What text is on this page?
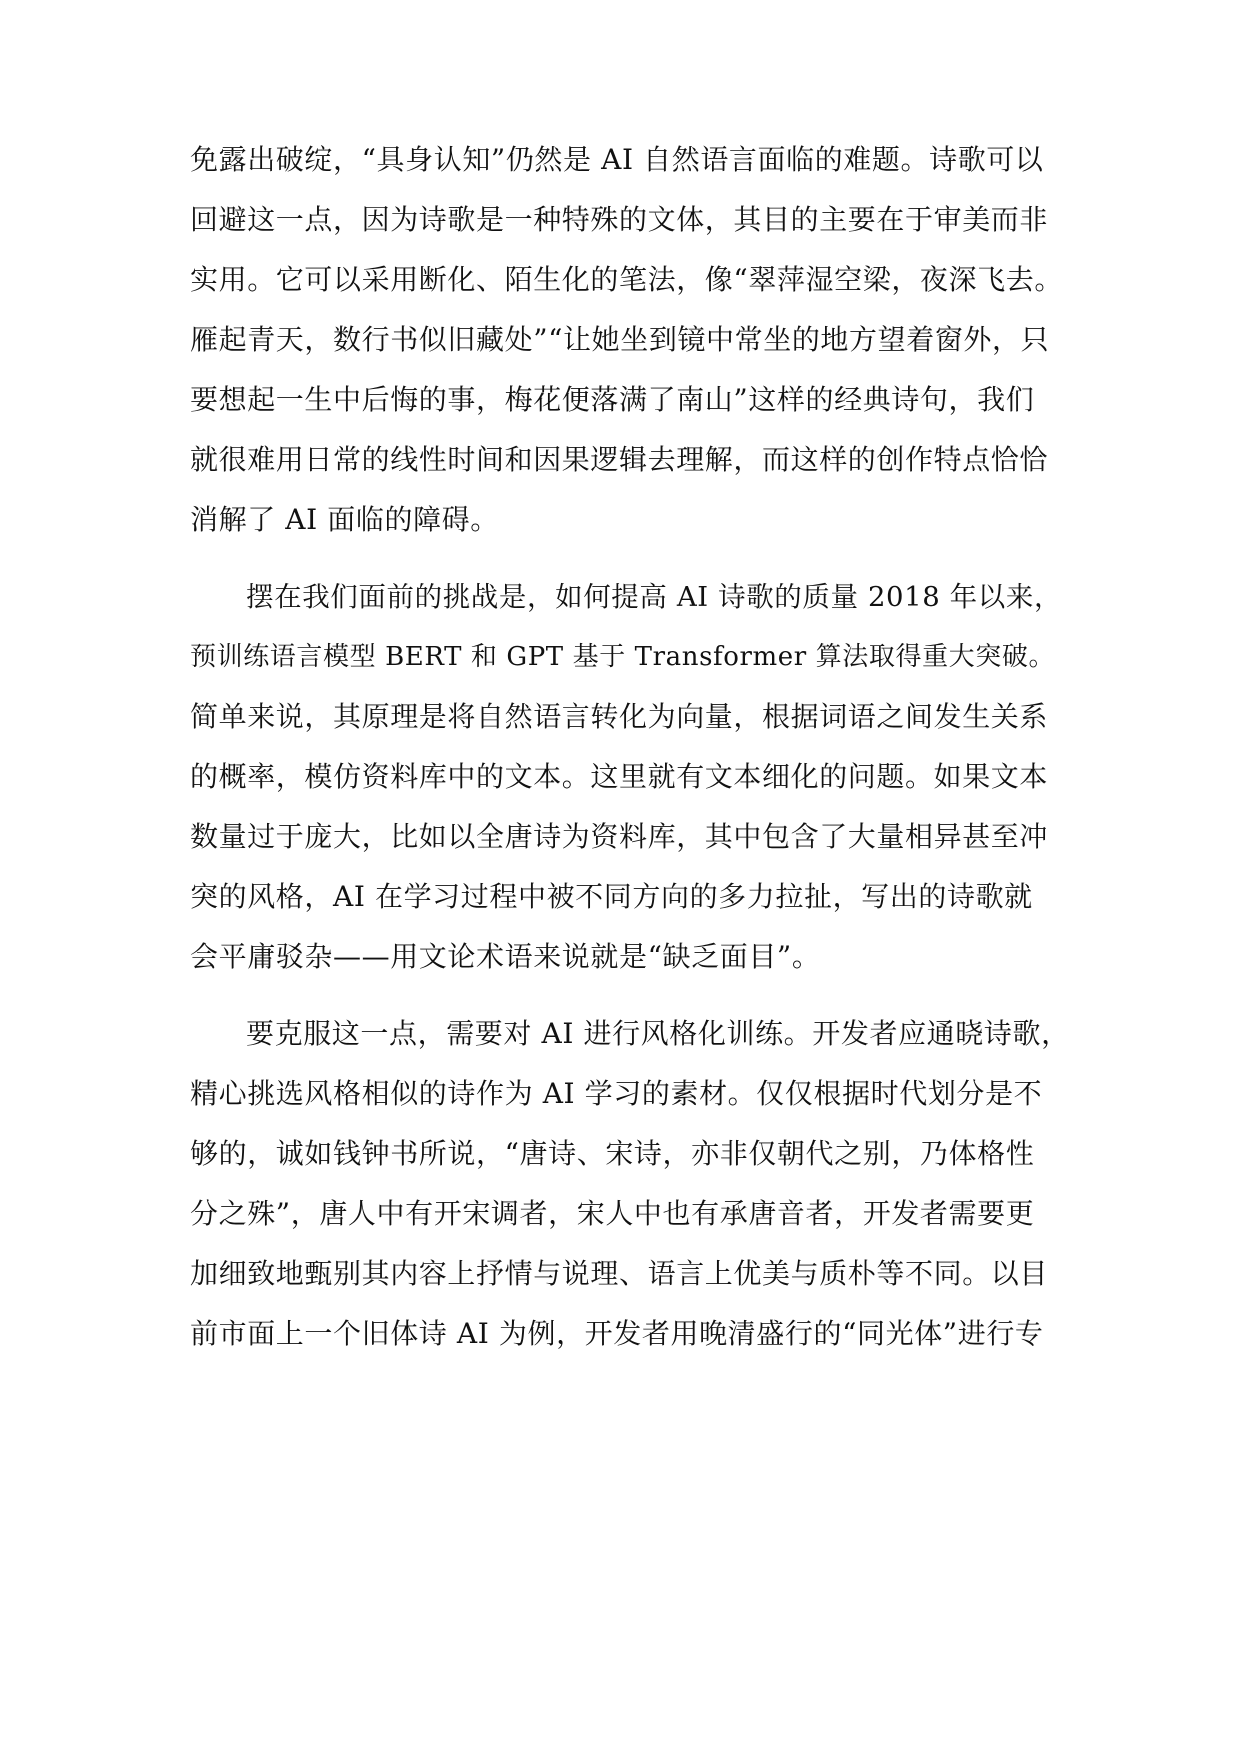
免露出破绽，“具身认知”仍然是 AI 自然语言面临的难题。诗歌可以
回避这一点，因为诗歌是一种特殊的文体，其目的主要在于审美而非
实用。它可以采用断化、陌生化的笔法，像“翠萍湿空梁，夜深飞去。
雁起青天，数行书似旧藏处”“让她坐到镜中常坐的地方望着窗外，只
要想起一生中后悔的事，梅花便落满了南山”这样的经典诗句，我们
就很难用日常的线性时间和因果逻辑去理解，而这样的创作特点恰恰
消解了 AI 面临的障碍。
摆在我们面前的挑战是，如何提高 AI 诗歌的质量 2018 年以来，
预训练语言模型 BERT 和 GPT 基于 Transformer 算法取得重大突破。
简单来说，其原理是将自然语言转化为向量，根据词语之间发生关系
的概率，模仿资料库中的文本。这里就有文本细化的问题。如果文本
数量过于庞大，比如以全唐诗为资料库，其中包含了大量相异甚至冲
突的风格，AI 在学习过程中被不同方向的多力拉扯，写出的诗歌就
会平庸驳杂——用文论术语来说就是“缺乏面目”。
要克服这一点，需要对 AI 进行风格化训练。开发者应通晓诗歌，
精心挑选风格相似的诗作为 AI 学习的素材。仅仅根据时代划分是不
够的，诚如钱钟书所说，“唐诗、宋诗，亦非仅朝代之别，乃体格性
分之殊”，唐人中有开宋调者，宋人中也有承唐音者，开发者需要更
加细致地甄别其内容上抒情与说理、语言上优美与质朴等不同。以目
前市面上一个旧体诗 AI 为例，开发者用晚清盛行的“同光体”进行专
